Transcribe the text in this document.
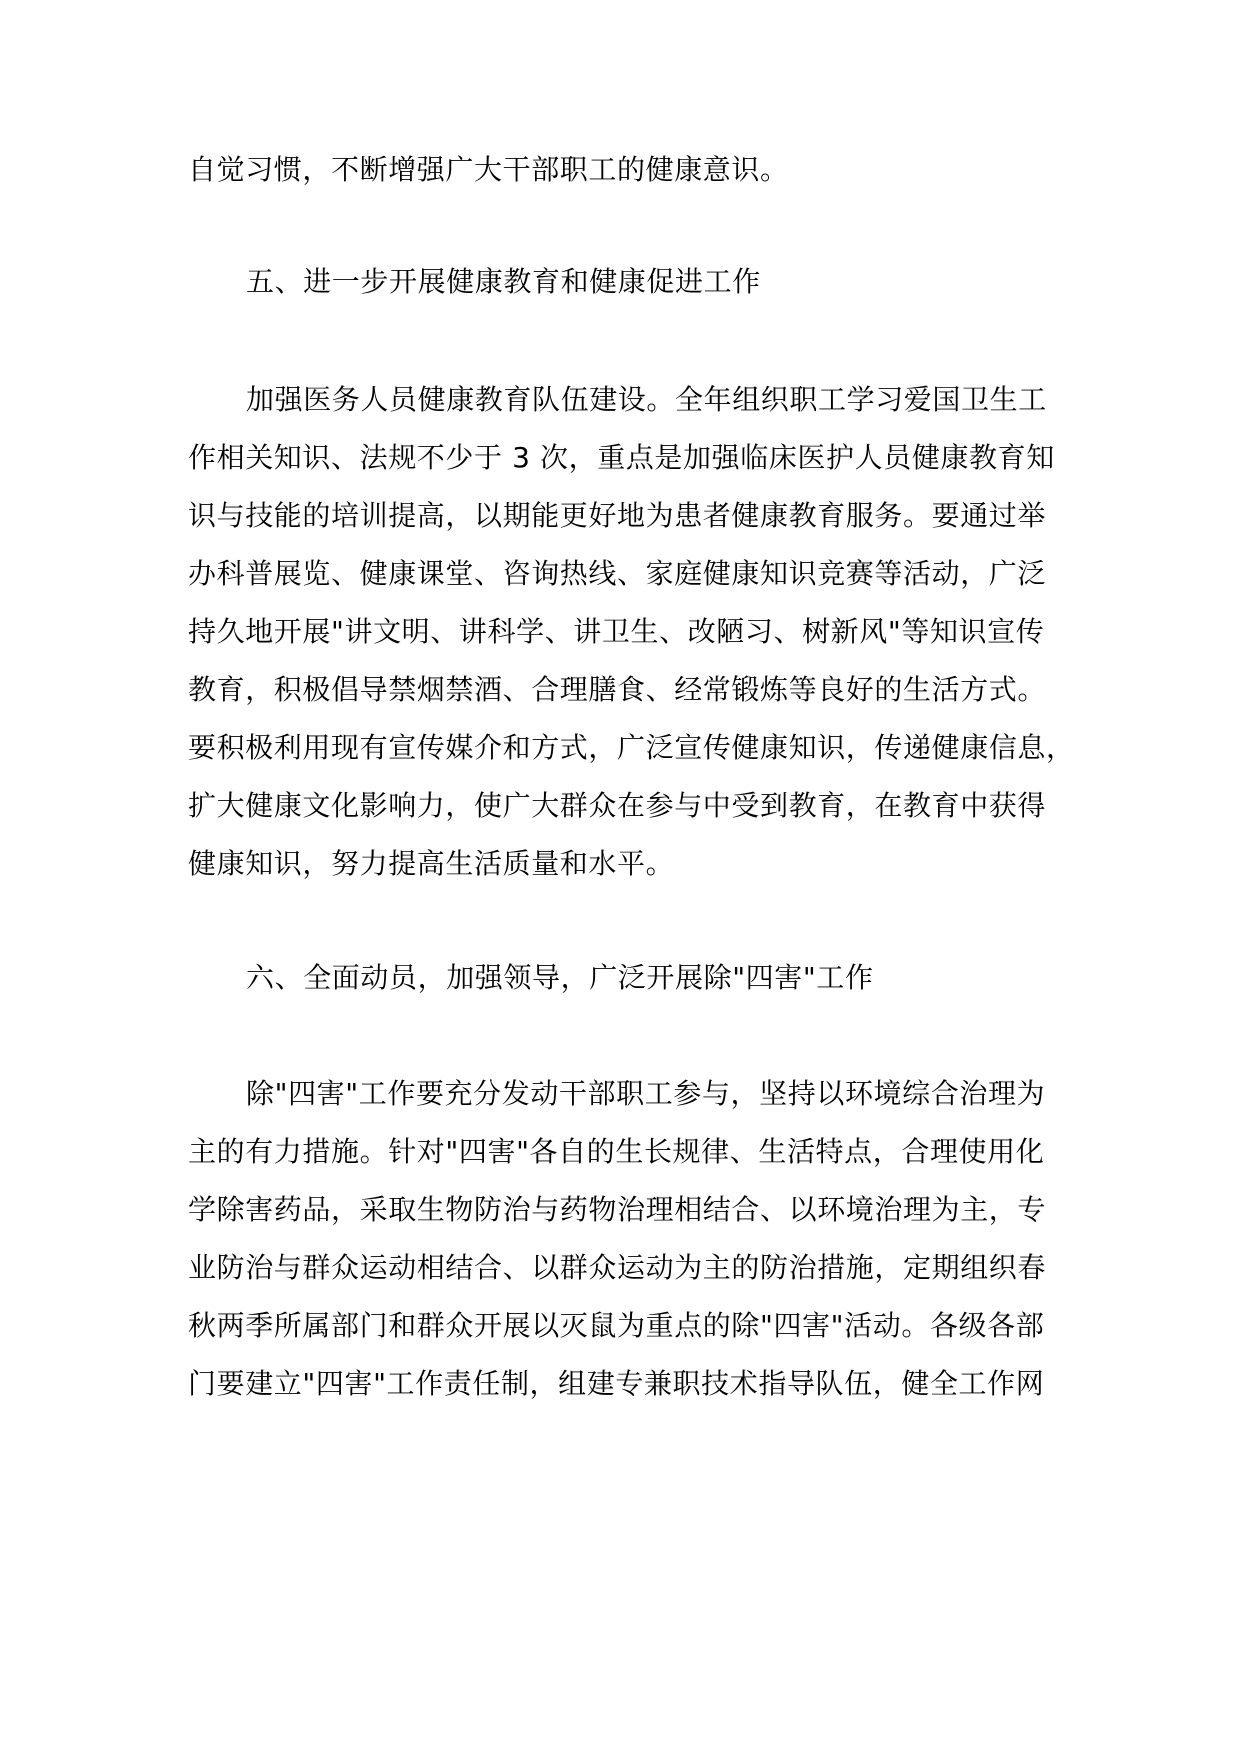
自觉习惯，不断增强广大干部职工的健康意识。
五、进一步开展健康教育和健康促进工作
加强医务人员健康教育队伍建设。全年组织职工学习爱国卫生工
作相关知识、法规不少于 3 次，重点是加强临床医护人员健康教育知
识与技能的培训提高，以期能更好地为患者健康教育服务。要通过举
办科普展览、健康课堂、咨询热线、家庭健康知识竞赛等活动，广泛
持久地开展"讲文明、讲科学、讲卫生、改陋习、树新风"等知识宣传
教育，积极倡导禁烟禁酒、合理膳食、经常锻炼等良好的生活方式。
要积极利用现有宣传媒介和方式，广泛宣传健康知识，传递健康信息，
扩大健康文化影响力，使广大群众在参与中受到教育，在教育中获得
健康知识，努力提高生活质量和水平。
六、全面动员，加强领导，广泛开展除"四害"工作
除"四害"工作要充分发动干部职工参与，坚持以环境综合治理为
主的有力措施。针对"四害"各自的生长规律、生活特点，合理使用化
学除害药品，采取生物防治与药物治理相结合、以环境治理为主，专
业防治与群众运动相结合、以群众运动为主的防治措施，定期组织春
秋两季所属部门和群众开展以灭鼠为重点的除"四害"活动。各级各部
门要建立"四害"工作责任制，组建专兼职技术指导队伍，健全工作网
